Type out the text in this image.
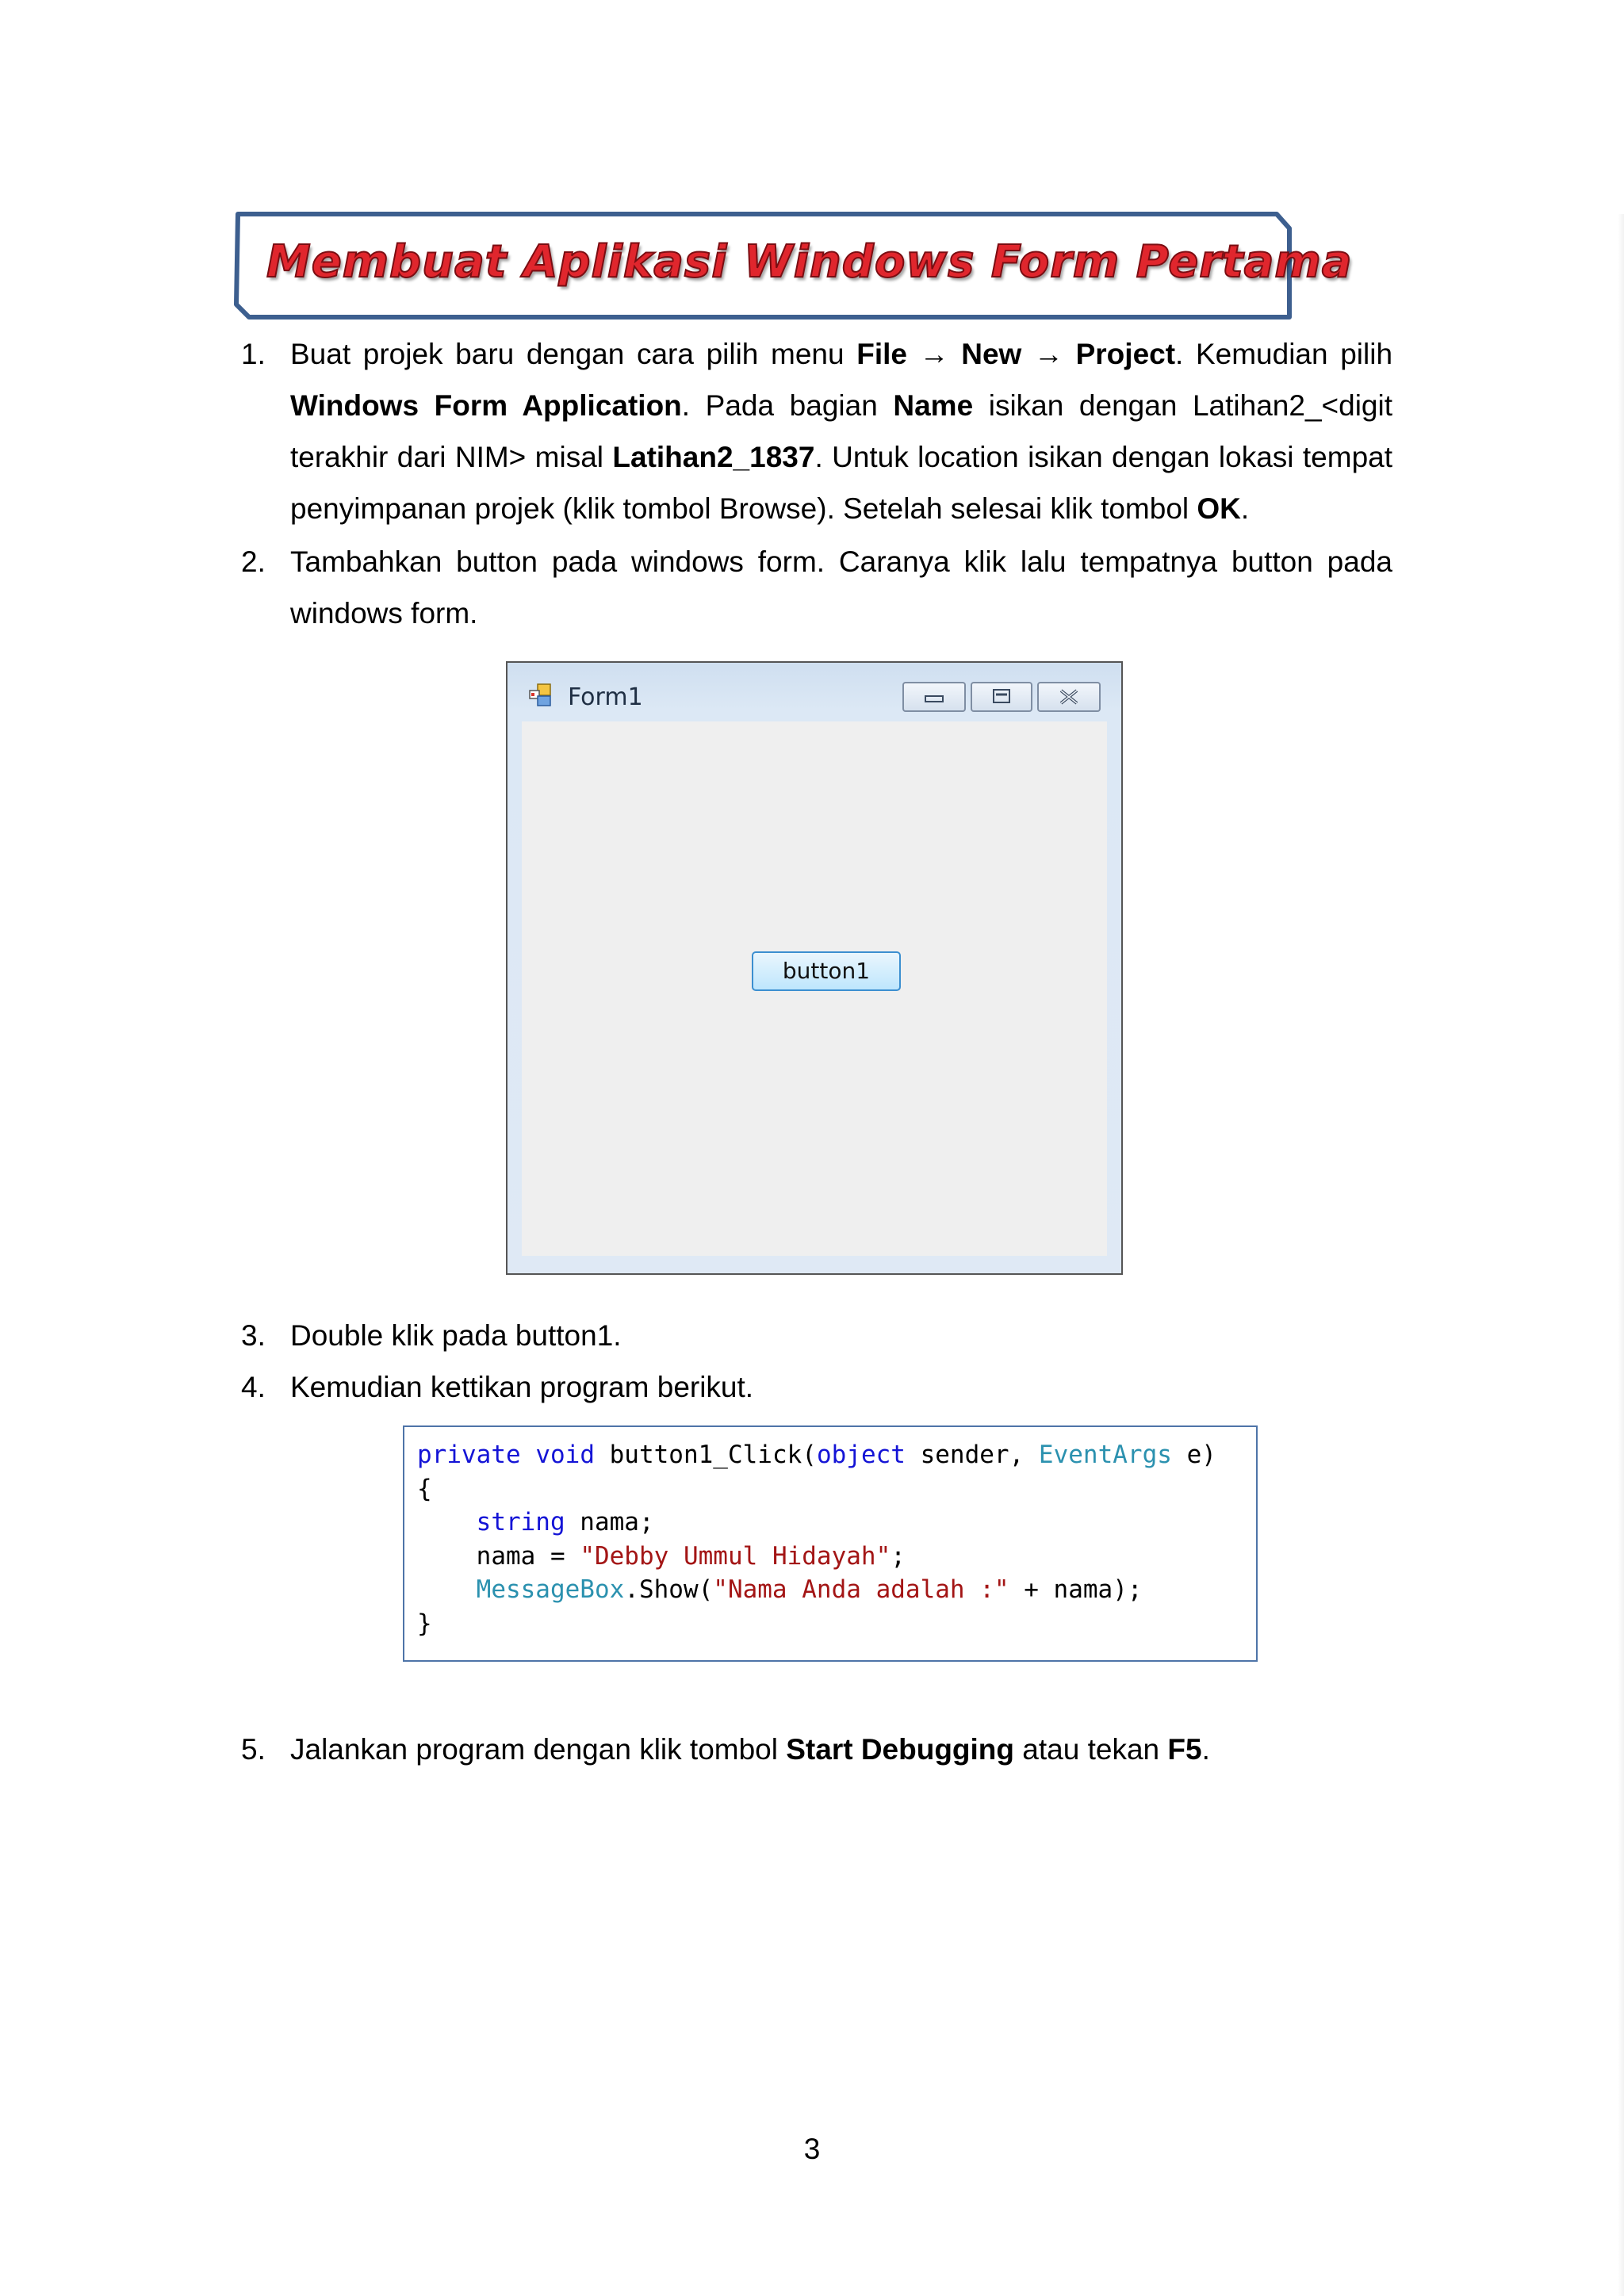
Membuat Aplikasi Windows Form Pertama
1. Buat projek baru dengan cara pilih menu File → New → Project. Kemudian pilih Windows Form Application. Pada bagian Name isikan dengan Latihan2_<digit terakhir dari NIM> misal Latihan2_1837. Untuk location isikan dengan lokasi tempat penyimpanan projek (klik tombol Browse). Setelah selesai klik tombol OK.
2. Tambahkan button pada windows form. Caranya klik lalu tempatnya button pada windows form.
Form1
button1
3. Double klik pada button1.
4. Kemudian kettikan program berikut.
private void button1_Click(object sender, EventArgs e)
{
string nama;
nama = "Debby Ummul Hidayah";
MessageBox.Show("Nama Anda adalah :" + nama);
}
5. Jalankan program dengan klik tombol Start Debugging atau tekan F5.
3
